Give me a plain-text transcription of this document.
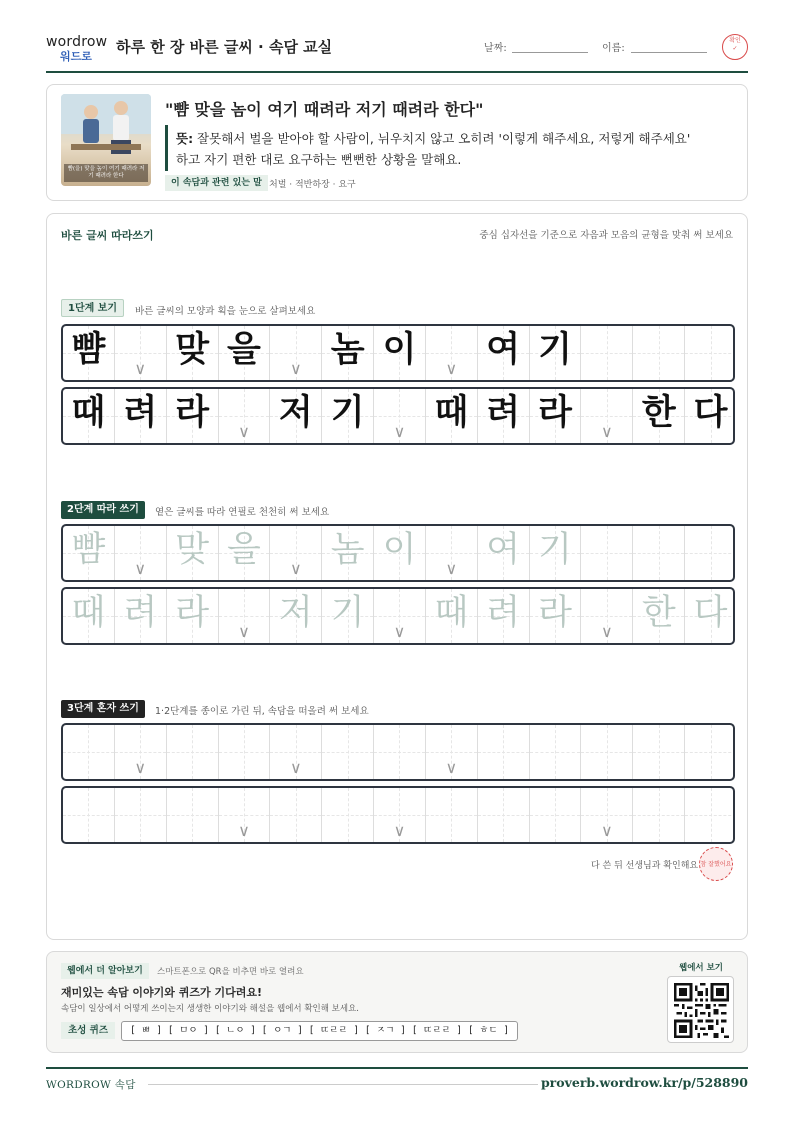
wordrow
워드로
하루 한 장 바른 글씨 · 속담 교실	날짜:	이름:
확인
✓
뺨(을) 맞을 놈이 여기 때려라 저기 때려라 한다
"뺨 맞을 놈이 여기 때려라 저기 때려라 한다"
뜻: 잘못해서 벌을 받아야 할 사람이, 뉘우치지 않고 오히려 '이렇게 해주세요, 저렇게 해주세요'
하고 자기 편한 대로 요구하는 뻔뻔한 상황을 말해요.
이 속담과 관련 있는 말 처벌 · 적반하장 · 요구
바른 글씨 따라쓰기	중심 십자선을 기준으로 자음과 모음의 균형을 맞춰 써 보세요
1단계 보기	바른 글씨의 모양과 획을 눈으로 살펴보세요
뺨	∨ 맞 을	∨ 놈 이	∨ 여 기
때 려 라	∨ 저 기	∨ 때 려 라	∨ 한 다
2단계 따라 쓰기	옅은 글씨를 따라 연필로 천천히 써 보세요
뺨	∨ 맞 을	∨ 놈 이	∨ 여 기
때 려 라	∨ 저 기	∨ 때 려 라	∨ 한 다
3단계 혼자 쓰기	1·2단계를 종이로 가린 뒤, 속담을 떠올려 써 보세요
∨	∨	∨
∨	∨	∨
다 쓴 뒤 선생님과 확인해요 참 잘했어요
웹에서 더 알아보기	스마트폰으로 QR을 비추면 바로 열려요
재미있는 속담 이야기와 퀴즈가 기다려요!
속담이 일상에서 어떻게 쓰이는지 생생한 이야기와 해설을 웹에서 확인해 보세요.
초성 퀴즈	[ ㅃ ] [ ㅁㅇ ] [ ㄴㅇ ] [ ㅇㄱ ] [ ㄸㄹㄹ ] [ ㅈㄱ ] [ ㄸㄹㄹ ] [ ㅎㄷ ]
웹에서 보기
WORDROW 속담	proverb.wordrow.kr/p/528890
